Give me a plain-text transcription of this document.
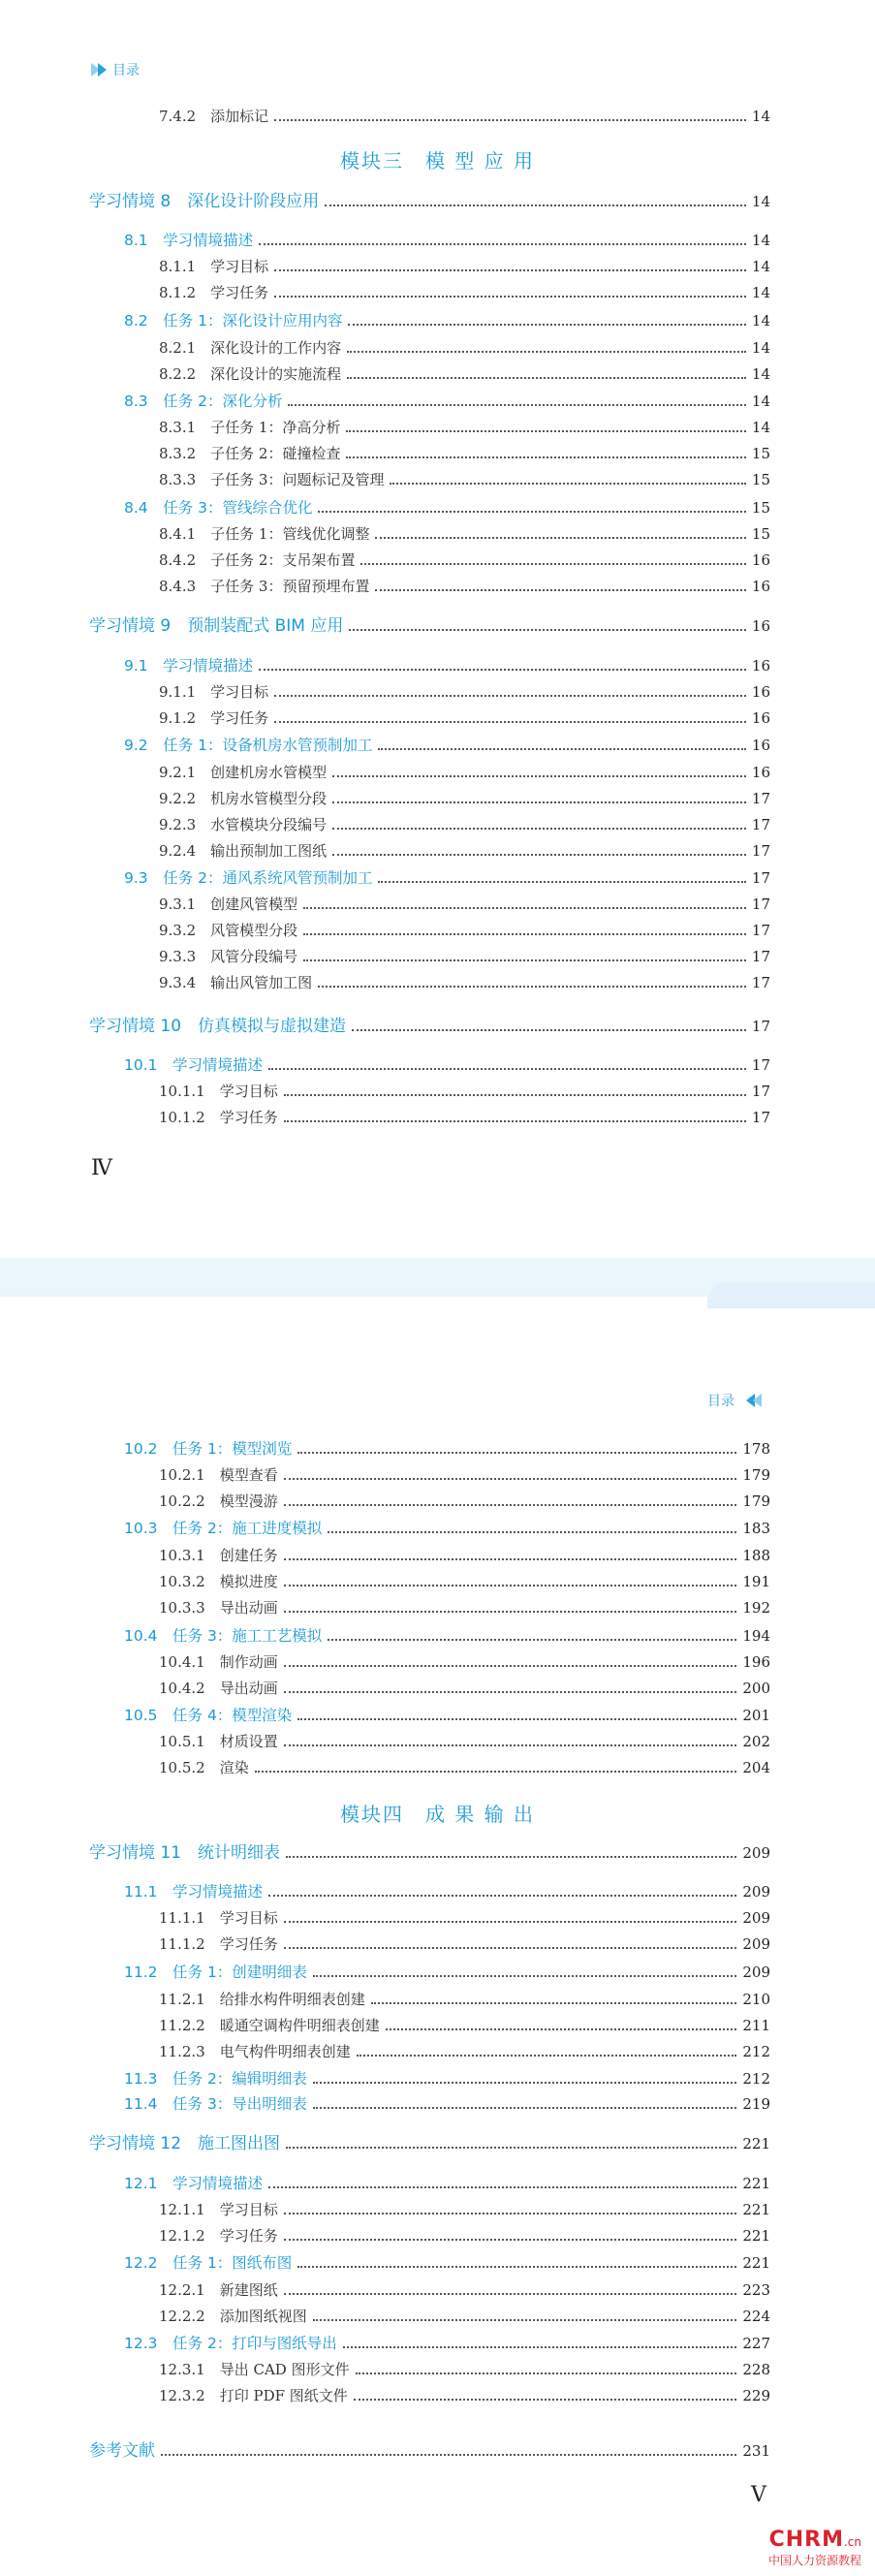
目录
7.4.2　添加标记	14
模块三　模 型 应 用
学习情境 8　深化设计阶段应用	14
8.1　学习情境描述	14
8.1.1　学习目标	14
8.1.2　学习任务	14
8.2　任务 1：深化设计应用内容	14
8.2.1　深化设计的工作内容	14
8.2.2　深化设计的实施流程	14
8.3　任务 2：深化分析	14
8.3.1　子任务 1：净高分析	14
8.3.2　子任务 2：碰撞检查	15
8.3.3　子任务 3：问题标记及管理	15
8.4　任务 3：管线综合优化	15
8.4.1　子任务 1：管线优化调整	15
8.4.2　子任务 2：支吊架布置	16
8.4.3　子任务 3：预留预埋布置	16
学习情境 9　预制装配式 BIM 应用	16
9.1　学习情境描述	16
9.1.1　学习目标	16
9.1.2　学习任务	16
9.2　任务 1：设备机房水管预制加工	16
9.2.1　创建机房水管模型	16
9.2.2　机房水管模型分段	17
9.2.3　水管模块分段编号	17
9.2.4　输出预制加工图纸	17
9.3　任务 2：通风系统风管预制加工	17
9.3.1　创建风管模型	17
9.3.2　风管模型分段	17
9.3.3　风管分段编号	17
9.3.4　输出风管加工图	17
学习情境 10　仿真模拟与虚拟建造	17
10.1　学习情境描述	17
10.1.1　学习目标	17
10.1.2　学习任务	17
Ⅳ
目录
10.2　任务 1：模型浏览	178
10.2.1　模型查看	179
10.2.2　模型漫游	179
10.3　任务 2：施工进度模拟	183
10.3.1　创建任务	188
10.3.2　模拟进度	191
10.3.3　导出动画	192
10.4　任务 3：施工工艺模拟	194
10.4.1　制作动画	196
10.4.2　导出动画	200
10.5　任务 4：模型渲染	201
10.5.1　材质设置	202
10.5.2　渲染	204
模块四　成 果 输 出
学习情境 11　统计明细表	209
11.1　学习情境描述	209
11.1.1　学习目标	209
11.1.2　学习任务	209
11.2　任务 1：创建明细表	209
11.2.1　给排水构件明细表创建	210
11.2.2　暖通空调构件明细表创建	211
11.2.3　电气构件明细表创建	212
11.3　任务 2：编辑明细表	212
11.4　任务 3：导出明细表	219
学习情境 12　施工图出图	221
12.1　学习情境描述	221
12.1.1　学习目标	221
12.1.2　学习任务	221
12.2　任务 1：图纸布图	221
12.2.1　新建图纸	223
12.2.2　添加图纸视图	224
12.3　任务 2：打印与图纸导出	227
12.3.1　导出 CAD 图形文件	228
12.3.2　打印 PDF 图纸文件	229
参考文献	231
Ⅴ
CHRM.cn
中国人力资源教程
